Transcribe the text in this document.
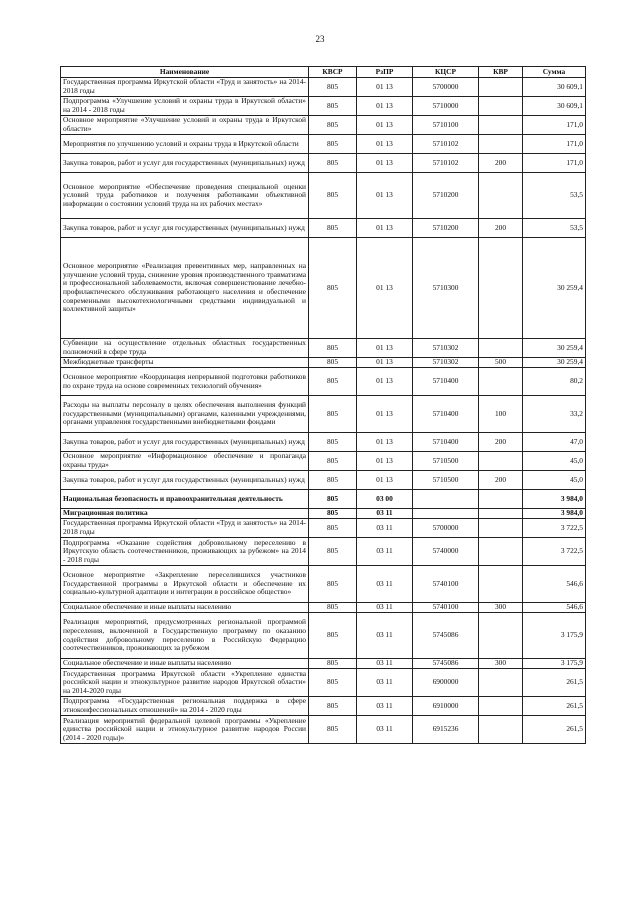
23
Наименование	КВСР	РзПР	КЦСР	КВР	Сумма
Государственная программа Иркутской области «Труд и занятость» на 2014-2018 годы	805	01 13	5700000		30 609,1
Подпрограмма «Улучшение условий и охраны труда в Иркутской области» на 2014 - 2018 годы	805	01 13	5710000		30 609,1
Основное мероприятие «Улучшение условий и охраны труда в Иркутской области»	805	01 13	5710100		171,0
Мероприятия по улучшению условий и охраны труда в Иркутской области	805	01 13	5710102		171,0
Закупка товаров, работ и услуг для государственных (муниципальных) нужд	805	01 13	5710102	200	171,0
Основное мероприятие «Обеспечение проведения специальной оценки условий труда работников и получения работниками объективной информации о состоянии условий труда на их рабочих местах»	805	01 13	5710200		53,5
Закупка товаров, работ и услуг для государственных (муниципальных) нужд	805	01 13	5710200	200	53,5
Основное мероприятие «Реализация превентивных мер, направленных на улучшение условий труда, снижение уровня производственного травматизма и профессиональной заболеваемости, включая совершенствование лечебно-профилактического обслуживания работающего населения и обеспечение современными высокотехнологичными средствами индивидуальной и коллективной защиты»	805	01 13	5710300		30 259,4
Субвенции на осуществление отдельных областных государственных полномочий в сфере труда	805	01 13	5710302		30 259,4
Межбюджетные трансферты	805	01 13	5710302	500	30 259,4
Основное мероприятие «Координация непрерывной подготовки работников по охране труда на основе современных технологий обучения»	805	01 13	5710400		80,2
Расходы на выплаты персоналу в целях обеспечения выполнения функций государственными (муниципальными) органами, казенными учреждениями, органами управления государственными внебюджетными фондами	805	01 13	5710400	100	33,2
Закупка товаров, работ и услуг для государственных (муниципальных) нужд	805	01 13	5710400	200	47,0
Основное мероприятие «Информационное обеспечение и пропаганда охраны труда»	805	01 13	5710500		45,0
Закупка товаров, работ и услуг для государственных (муниципальных) нужд	805	01 13	5710500	200	45,0
Национальная безопасность и правоохранительная деятельность	805	03 00			3 984,0
Миграционная политика	805	03 11			3 984,0
Государственная программа Иркутской области «Труд и занятость» на 2014-2018 годы	805	03 11	5700000		3 722,5
Подпрограмма «Оказание содействия добровольному переселению в Иркутскую область соотечественников, проживающих за рубежом» на 2014 - 2018 годы	805	03 11	5740000		3 722,5
Основное мероприятие «Закрепление переселившихся участников Государственной программы в Иркутской области и обеспечение их социально-культурной адаптации и интеграции в российское общество»	805	03 11	5740100		546,6
Социальное обеспечение и иные выплаты населению	805	03 11	5740100	300	546,6
Реализация мероприятий, предусмотренных региональной программой переселения, включенной в Государственную программу по оказанию содействия добровольному переселению в Российскую Федерацию соотечественников, проживающих за рубежом	805	03 11	5745086		3 175,9
Социальное обеспечение и иные выплаты населению	805	03 11	5745086	300	3 175,9
Государственная программа Иркутской области «Укрепление единства российской нации и этнокультурное развитие народов Иркутской области» на 2014-2020 годы	805	03 11	6900000		261,5
Подпрограмма «Государственная региональная поддержка в сфере этноконфессиональных отношений» на 2014 - 2020 годы	805	03 11	6910000		261,5
Реализация мероприятий федеральной целевой программы «Укрепление единства российской нации и этнокультурное развитие народов России (2014 - 2020 годы)»	805	03 11	6915236		261,5
